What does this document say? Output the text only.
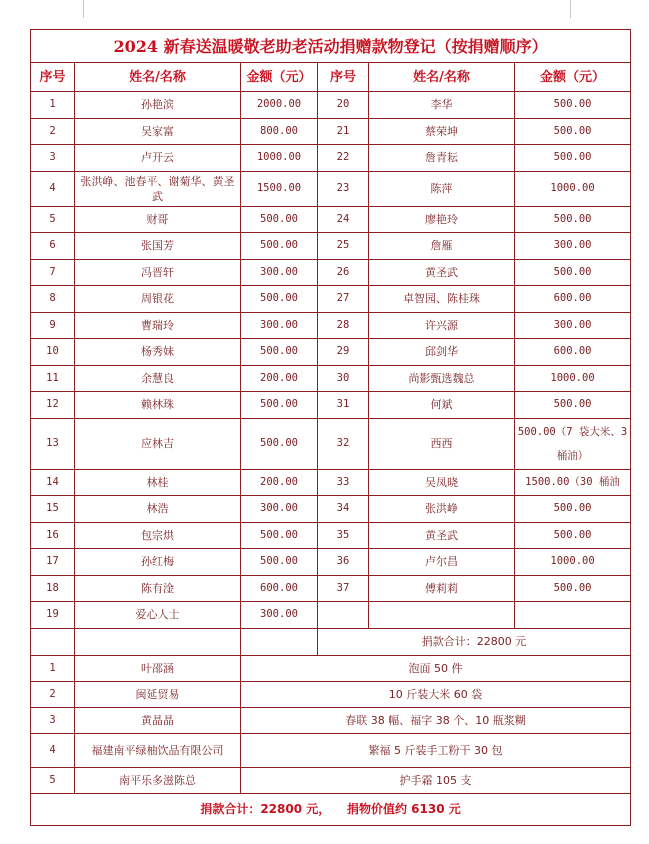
2024 新春送温暖敬老助老活动捐赠款物登记（按捐赠顺序）					
序号	姓名/名称	金额（元）	序号	姓名/名称	金额（元）
1	孙艳滨	2000.00	20	李华	500.00
2	吴家富	800.00	21	蔡荣坤	500.00
3	卢开云	1000.00	22	詹青耘	500.00
4	张洪峥、池春平、谢菊华、黄圣武	1500.00	23	陈萍	1000.00
5	财哥	500.00	24	廖艳玲	500.00
6	张国芳	500.00	25	詹雁	300.00
7	冯晋轩	300.00	26	黄圣武	500.00
8	周银花	500.00	27	卓智园、陈桂珠	600.00
9	曹瑞玲	300.00	28	许兴源	300.00
10	杨秀妹	500.00	29	邱剑华	600.00
11	余慧良	200.00	30	尚影甄选魏总	1000.00
12	赖林珠	500.00	31	何斌	500.00
13	应林吉	500.00	32	西西	500.00（7 袋大米、3 桶油）
14	林桂	200.00	33	吴凤晓	1500.00（30 桶油
15	林浩	300.00	34	张洪峥	500.00
16	包宗烘	500.00	35	黄圣武	500.00
17	孙红梅	500.00	36	卢尔昌	1000.00
18	陈有淦	600.00	37	傅莉莉	500.00
19	爱心人士	300.00			
			捐款合计：22800 元		
1	叶邵涵	泡面 50 件			
2	闽延贸易	10 斤装大米 60 袋			
3	黄晶晶	春联 38 幅、福字 38 个、10 瓶浆糊			
4	福建南平绿柚饮品有限公司	繁福 5 斤装手工粉干 30 包			
5	南平乐多滋陈总	护手霜 105 支			
捐款合计：22800 元，    捐物价值约 6130 元					
